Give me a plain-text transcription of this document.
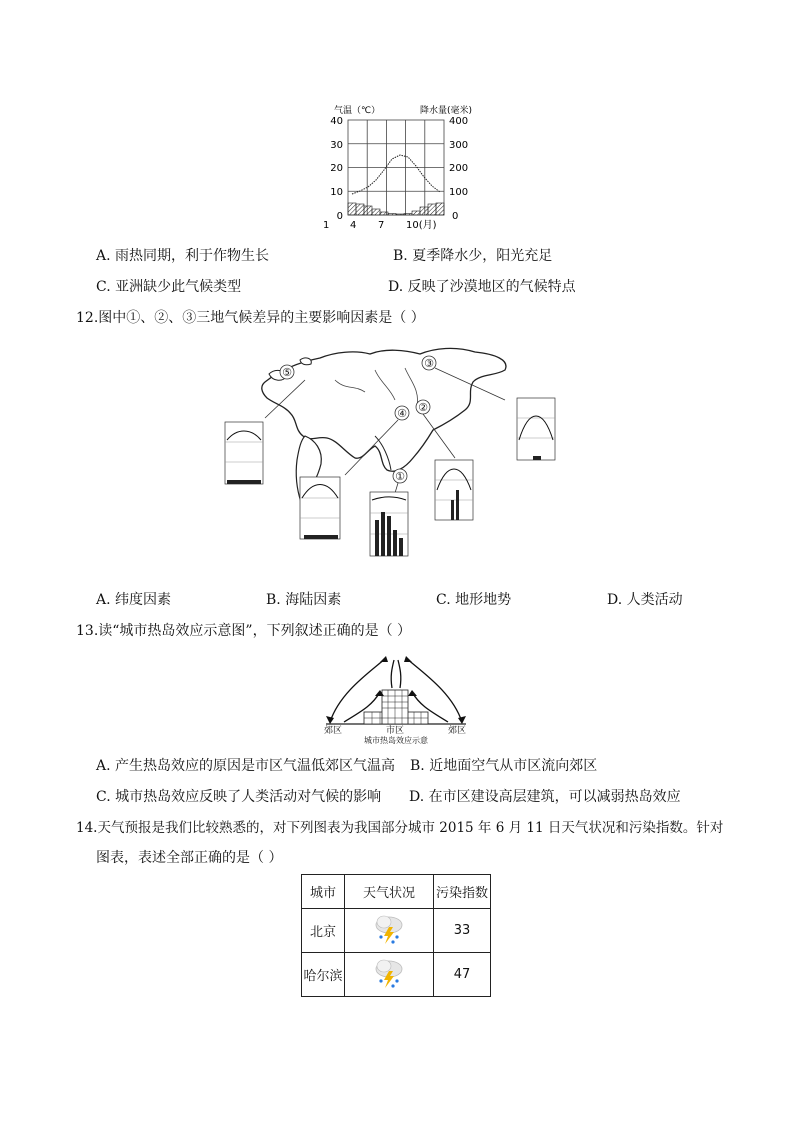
气温（℃）	降水量(毫米)
40
30
20
10
0
400
300
200
100
0
1 4 7 10(月)
A. 雨热同期，利于作物生长	B. 夏季降水少，阳光充足
C. 亚洲缺少此气候类型	D. 反映了沙漠地区的气候特点
12.图中①、②、③三地气候差异的主要影响因素是（ ）
⑤
④ ②
③
①
A. 纬度因素	B. 海陆因素	C. 地形地势	D. 人类活动
13.读“城市热岛效应示意图”，下列叙述正确的是（ ）
郊区	市区	郊区
城市热岛效应示意
A. 产生热岛效应的原因是市区气温低郊区气温高 B. 近地面空气从市区流向郊区
C. 城市热岛效应反映了人类活动对气候的影响 D. 在市区建设高层建筑，可以减弱热岛效应
14.天气预报是我们比较熟悉的，对下列图表为我国部分城市 2015 年 6 月 11 日天气状况和污染指数。针对
图表，表述全部正确的是（ ）
城市	天气状况	污染指数
北京		33
哈尔滨		47
